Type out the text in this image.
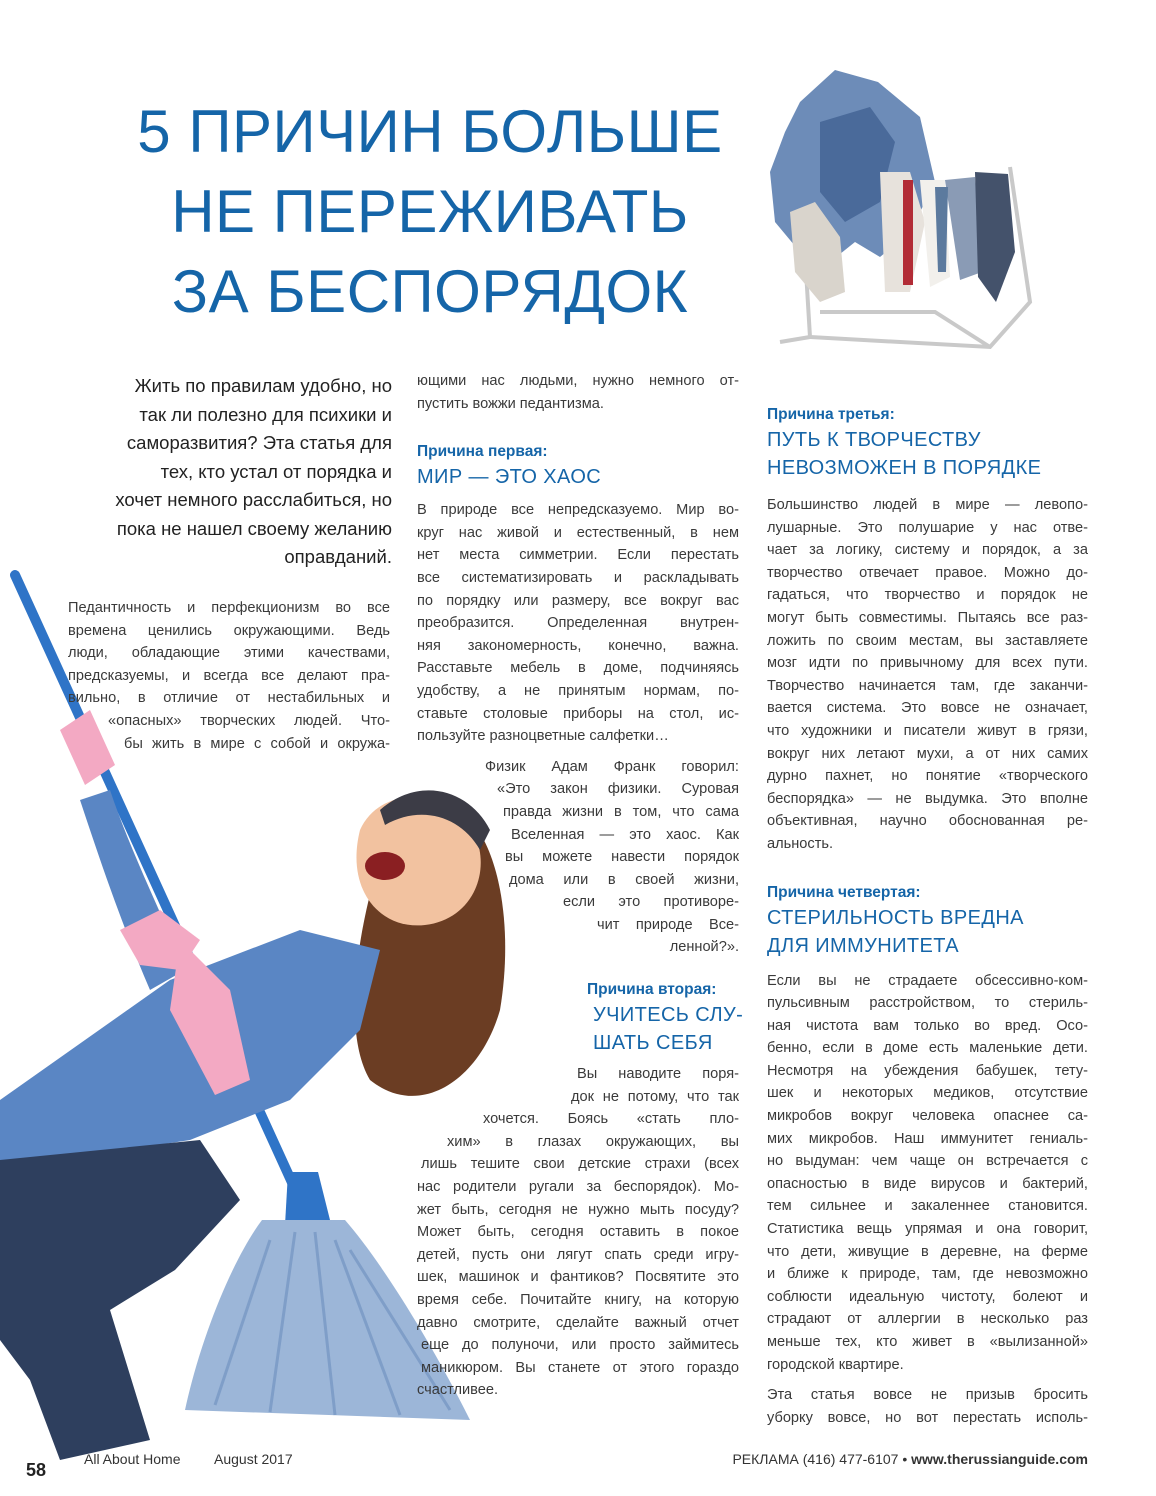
5 ПРИЧИН БОЛЬШЕ
НЕ ПЕРЕЖИВАТЬ
ЗА БЕСПОРЯДОК
Жить по правилам удобно, но
так ли полезно для психики и
саморазвития? Эта статья для
тех, кто устал от порядка и
хочет немного расслабиться, но
пока не нашел своему желанию
оправданий.

Педантичность и перфекционизм во все
времена ценились окружающими. Ведь
люди, обладающие этими качествами,
предсказуемы, и всегда все делают пра-
вильно, в отличие от нестабильных и
«опасных» творческих людей. Что-
бы жить в мире с собой и окружа-

ющими нас людьми, нужно немного от-
пустить вожжи педантизма.
Причина первая:
МИР — ЭТО ХАОС
В природе все непредсказуемо. Мир во-
круг нас живой и естественный, в нем
нет места симметрии. Если перестать
все систематизировать и раскладывать
по порядку или размеру, все вокруг вас
преобразится. Определенная внутрен-
няя закономерность, конечно, важна.
Расставьте мебель в доме, подчиняясь
удобству, а не принятым нормам, по-
ставьте столовые приборы на стол, ис-
пользуйте разноцветные салфетки…
Физик Адам Франк говорил:
«Это закон физики. Суровая
правда жизни в том, что сама
Вселенная — это хаос. Как
вы можете навести порядок
дома или в своей жизни,
если это противоре-
чит природе Все-
ленной?».
Причина вторая:
УЧИТЕСЬ СЛУ-
ШАТЬ СЕБЯ
Вы наводите поря-
док не потому, что так
хочется. Боясь «стать пло-
хим» в глазах окружающих, вы
лишь тешите свои детские страхи (всех
нас родители ругали за беспорядок). Мо-
жет быть, сегодня не нужно мыть посуду?
Может быть, сегодня оставить в покое
детей, пусть они лягут спать среди игру-
шек, машинок и фантиков? Посвятите это
время себе. Почитайте книгу, на которую
давно смотрите, сделайте важный отчет
еще до полуночи, или просто займитесь
маникюром. Вы станете от этого гораздо
счастливее.
Причина третья:
ПУТЬ К ТВОРЧЕСТВУ
НЕВОЗМОЖЕН В ПОРЯДКЕ
Большинство людей в мире — левопо-
лушарные. Это полушарие у нас отве-
чает за логику, систему и порядок, а за
творчество отвечает правое. Можно до-
гадаться, что творчество и порядок не
могут быть совместимы. Пытаясь все раз-
ложить по своим местам, вы заставляете
мозг идти по привычному для всех пути.
Творчество начинается там, где заканчи-
вается система. Это вовсе не означает,
что художники и писатели живут в грязи,
вокруг них летают мухи, а от них самих
дурно пахнет, но понятие «творческого
беспорядка» — не выдумка. Это вполне
объективная, научно обоснованная ре-
альность.
Причина четвертая:
СТЕРИЛЬНОСТЬ ВРЕДНА
ДЛЯ ИММУНИТЕТА
Если вы не страдаете обсессивно-ком-
пульсивным расстройством, то стериль-
ная чистота вам только во вред. Осо-
бенно, если в доме есть маленькие дети.
Несмотря на убеждения бабушек, тету-
шек и некоторых медиков, отсутствие
микробов вокруг человека опаснее са-
мих микробов. Наш иммунитет гениаль-
но выдуман: чем чаще он встречается с
опасностью в виде вирусов и бактерий,
тем сильнее и закаленнее становится.
Статистика вещь упрямая и она говорит,
что дети, живущие в деревне, на ферме
и ближе к природе, там, где невозможно
соблюсти идеальную чистоту, болеют и
страдают от аллергии в несколько раз
меньше тех, кто живет в «вылизанной»
городской квартире.
Эта статья вовсе не призыв бросить
уборку вовсе, но вот перестать исполь-
58
All About Home August 2017	РЕКЛАМА (416) 477-6107 • www.therussianguide.com
